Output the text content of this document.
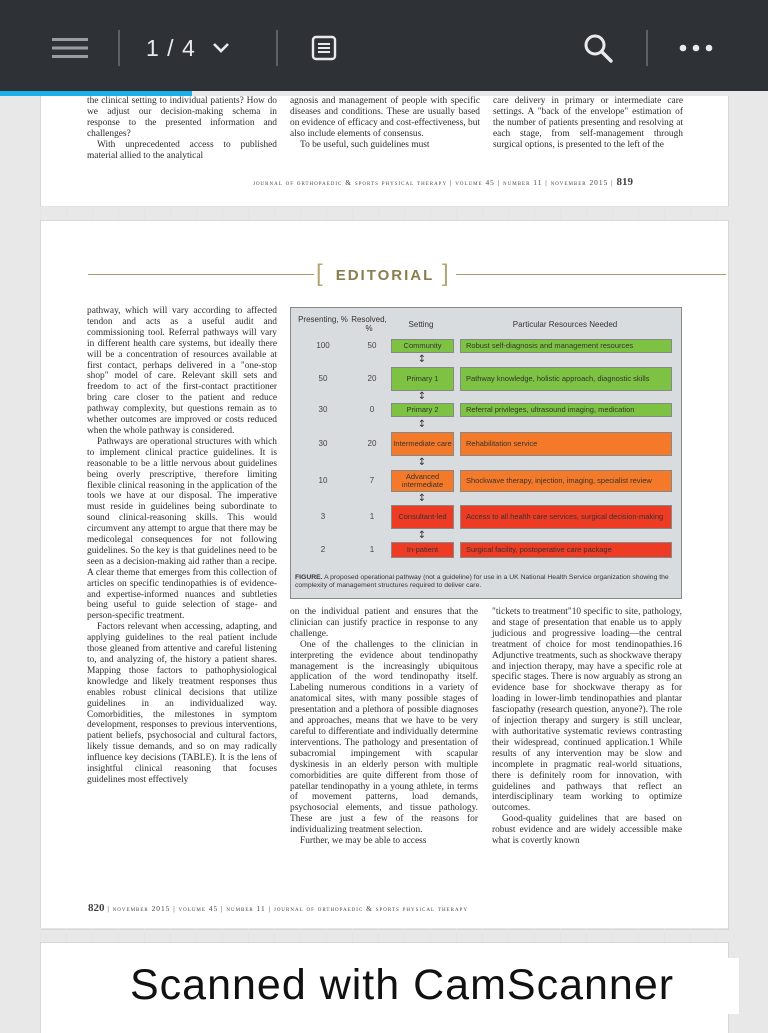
1 / 4

the clinical setting to individual patients? How do we adjust our decision-making schema in response to the presented information and challenges?

With unprecedented access to published material allied to the analytical

agnosis and management of people with specific diseases and conditions. These are usually based on evidence of efficacy and cost-effectiveness, but also include elements of consensus.

To be useful, such guidelines must

care delivery in primary or intermediate care settings. A "back of the envelope" estimation of the number of patients presenting and resolving at each stage, from self-management through surgical options, is presented to the left of the

journal of orthopaedic & sports physical therapy | volume 45 | number 11 | november 2015 | 819
[ EDITORIAL ]

pathway, which will vary according to affected tendon and acts as a useful audit and commissioning tool. Referral pathways will vary in different health care systems, but ideally there will be a concentration of resources available at first contact, perhaps delivered in a "one-stop shop" model of care. Relevant skill sets and freedom to act of the first-contact practitioner bring care closer to the patient and reduce pathway complexity, but questions remain as to whether outcomes are improved or costs reduced when the whole pathway is considered.

Pathways are operational structures with which to implement clinical practice guidelines. It is reasonable to be a little nervous about guidelines being overly prescriptive, therefore limiting flexible clinical reasoning in the application of the tools we have at our disposal. The imperative must reside in guidelines being subordinate to sound clinical-reasoning skills. This would circumvent any attempt to argue that there may be medicolegal consequences for not following guidelines. So the key is that guidelines need to be seen as a decision-making aid rather than a recipe. A clear theme that emerges from this collection of articles on specific tendinopathies is of evidence- and expertise-informed nuances and subtleties being useful to guide selection of stage- and person-specific treatment.

Factors relevant when accessing, adapting, and applying guidelines to the real patient include those gleaned from attentive and careful listening to, and analyzing of, the history a patient shares. Mapping those factors to pathophysiological knowledge and likely treatment responses thus enables robust clinical decisions that utilize guidelines in an individualized way. Comorbidities, the milestones in symptom development, responses to previous interventions, patient beliefs, psychosocial and cultural factors, likely tissue demands, and so on may radically influence key decisions (TABLE). It is the lens of insightful clinical reasoning that focuses guidelines most effectively

Presenting, % Resolved, %	Setting	Particular Resources Needed
100	50	Community	Robust self-diagnosis and management resources
↕
50	20	Primary 1	Pathway knowledge, holistic approach, diagnostic skills
↕
30	0	Primary 2	Referral privileges, ultrasound imaging, medication
↕
30	20	Intermediate care	Rehabilitation service
↕
10	7	Advanced intermediate	Shockwave therapy, injection, imaging, specialist review
↕
3	1	Consultant-led	Access to all health care services, surgical decision-making
↕
2	1	In-patient	Surgical facility, postoperative care package
FIGURE. A proposed operational pathway (not a guideline) for use in a UK National Health Service organization showing the complexity of management structures required to deliver care.

on the individual patient and ensures that the clinician can justify practice in response to any challenge.

One of the challenges to the clinician in interpreting the evidence about tendinopathy management is the increasingly ubiquitous application of the word tendinopathy itself. Labeling numerous conditions in a variety of anatomical sites, with many possible stages of presentation and a plethora of possible diagnoses and approaches, means that we have to be very careful to differentiate and individually determine interventions. The pathology and presentation of subacromial impingement with scapular dyskinesis in an elderly person with multiple comorbidities are quite different from those of patellar tendinopathy in a young athlete, in terms of movement patterns, load demands, psychosocial elements, and tissue pathology. These are just a few of the reasons for individualizing treatment selection.

Further, we may be able to access

"tickets to treatment"10 specific to site, pathology, and stage of presentation that enable us to apply judicious and progressive loading—the central treatment of choice for most tendinopathies.16 Adjunctive treatments, such as shockwave therapy and injection therapy, may have a specific role at specific stages. There is now arguably as strong an evidence base for shockwave therapy as for loading in lower-limb tendinopathies and plantar fasciopathy (research question, anyone?). The role of injection therapy and surgery is still unclear, with authoritative systematic reviews contrasting their widespread, continued application.1 While results of any intervention may be slow and incomplete in pragmatic real-world situations, there is definitely room for innovation, with guidelines and pathways that reflect an interdisciplinary team working to optimize outcomes.

Good-quality guidelines that are based on robust evidence and are widely accessible make what is covertly known

820 | november 2015 | volume 45 | number 11 | journal of orthopaedic & sports physical therapy
Scanned with CamScanner
